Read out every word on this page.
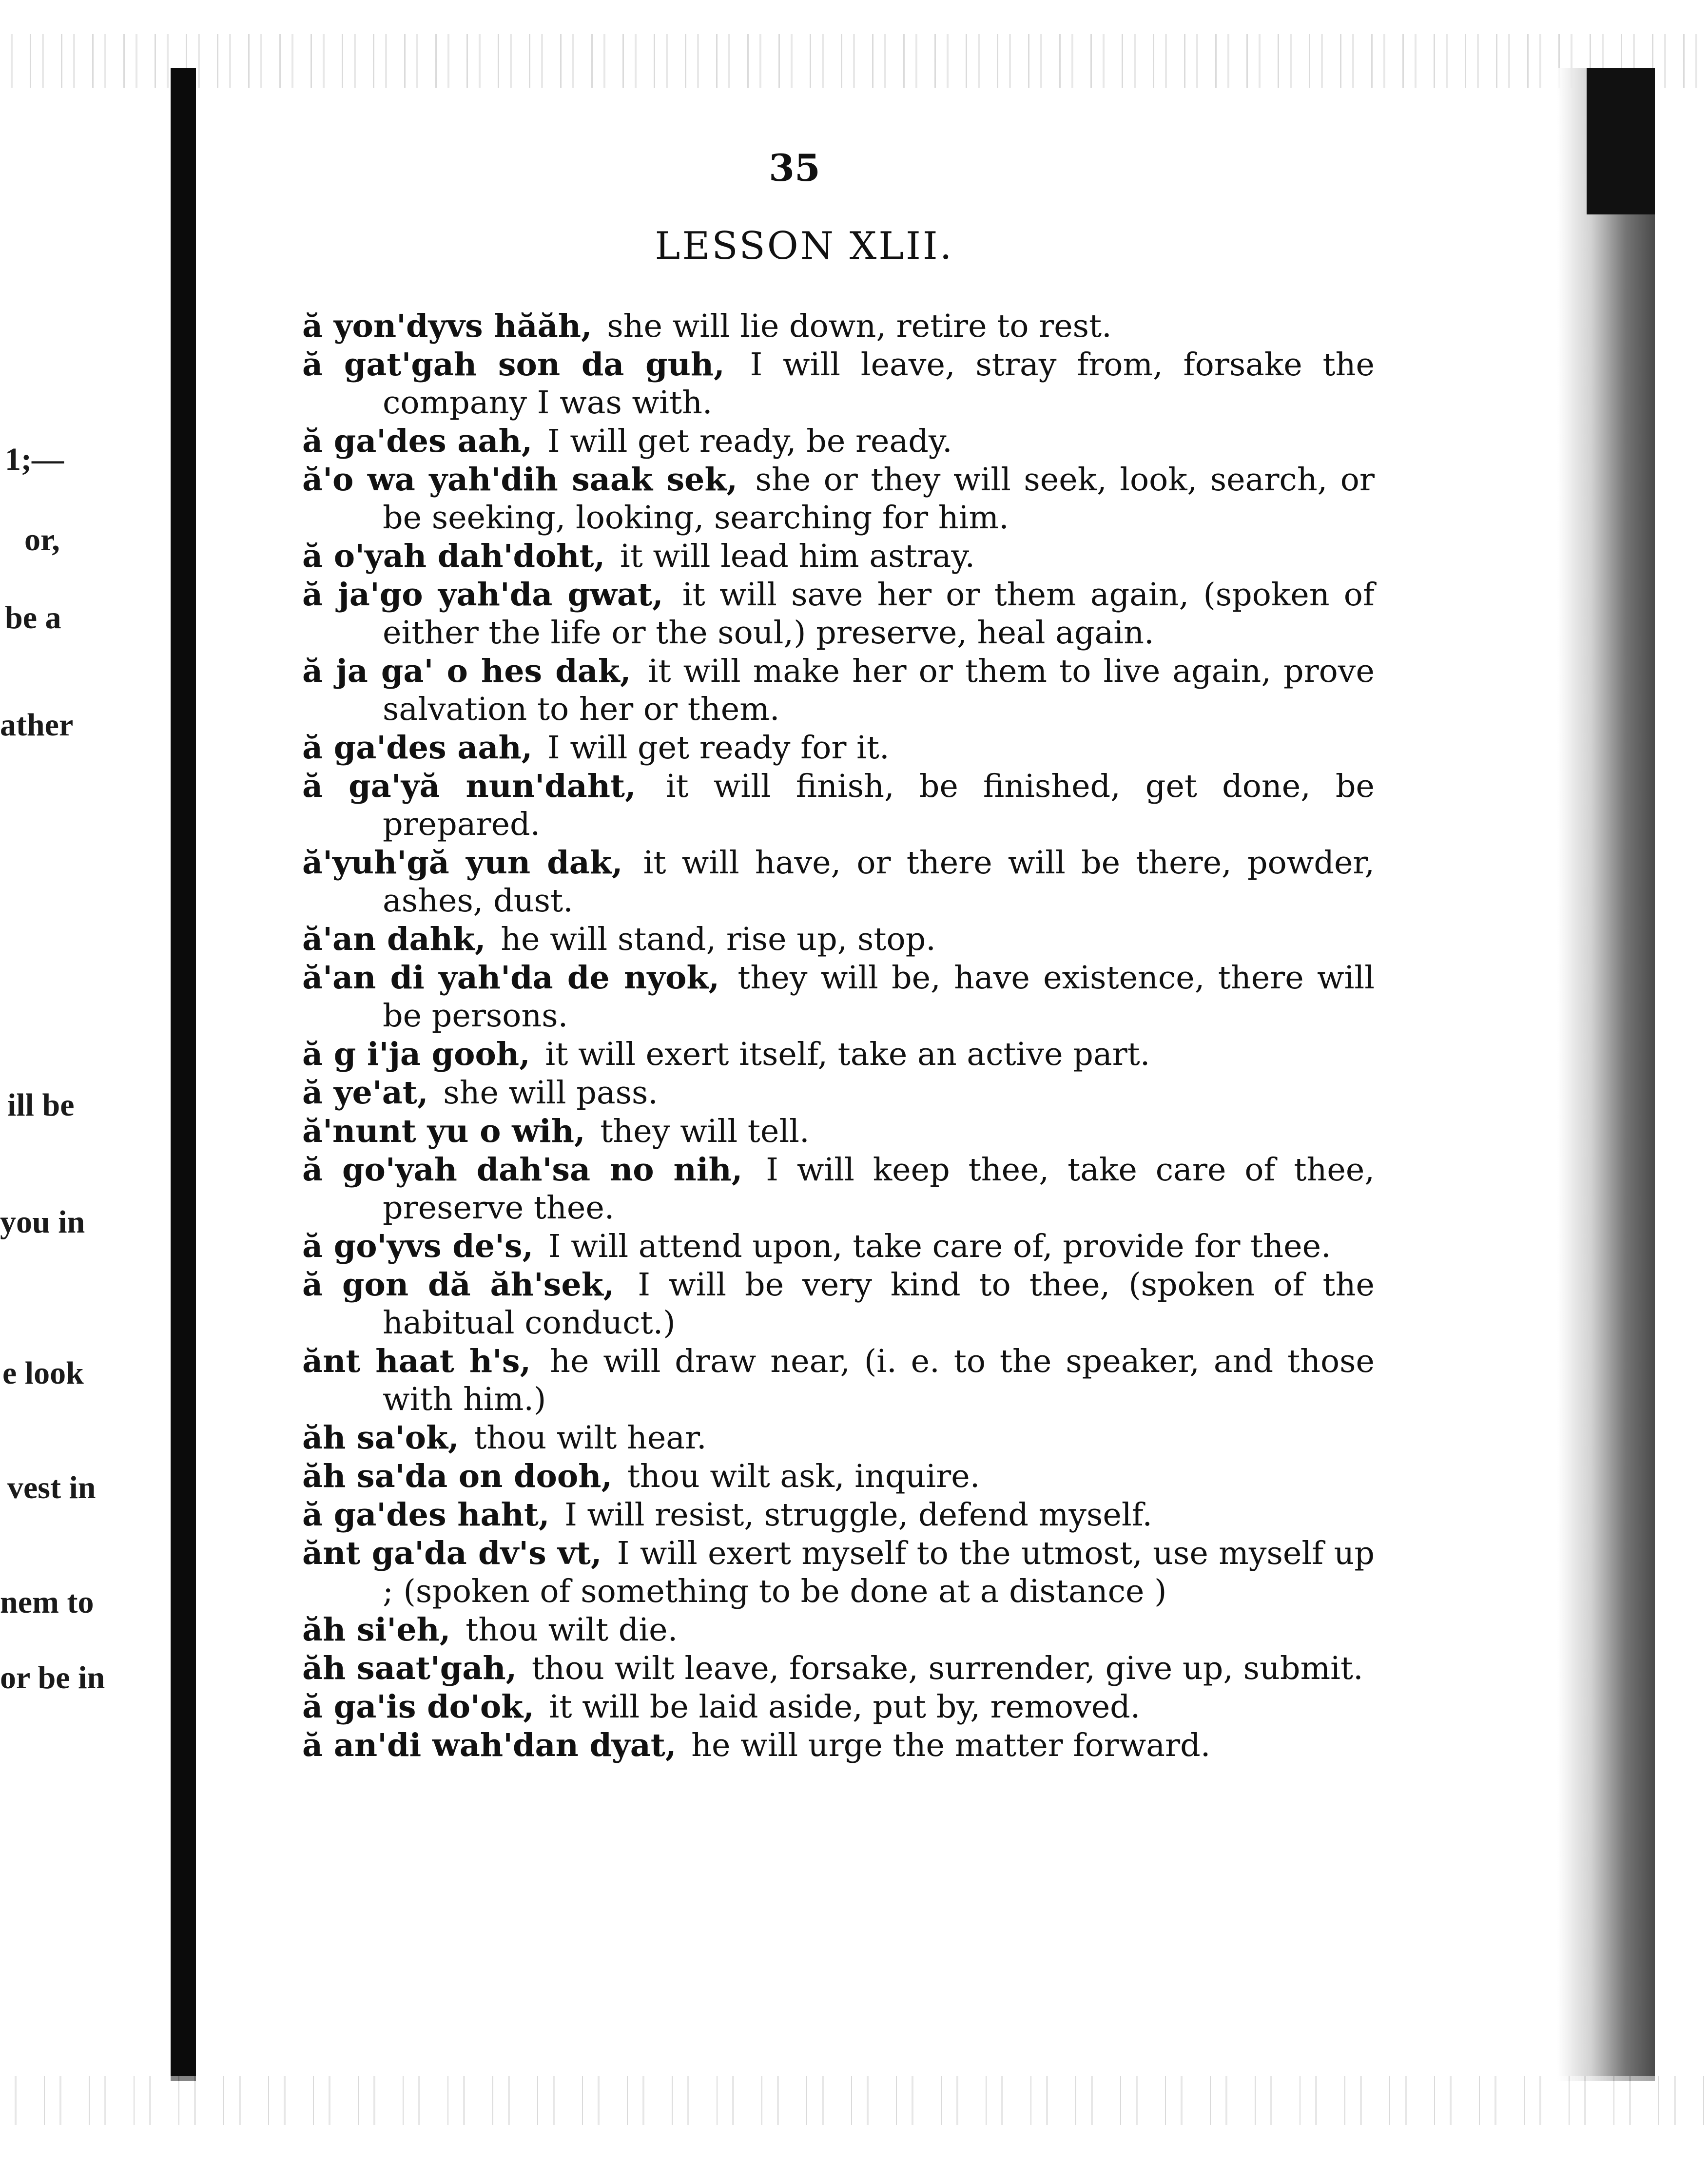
1;—
or,
be a
ather
ill be
you in
e look
vest in
nem to
or be in
35
LESSON XLII.
ă yon'dyvs hăăh, she will lie down, retire to rest.
ă gat'gah son da guh, I will leave, stray from, forsake the company I was with.
ă ga'des aah, I will get ready, be ready.
ă'o wa yah'dih saak sek, she or they will seek, look, search, or be seeking, looking, searching for him.
ă o'yah dah'doht, it will lead him astray.
ă ja'go yah'da gwat, it will save her or them again, (spoken of either the life or the soul,) preserve, heal again.
ă ja ga' o hes dak, it will make her or them to live again, prove salvation to her or them.
ă ga'des aah, I will get ready for it.
ă ga'yă nun'daht, it will finish, be finished, get done, be prepared.
ă'yuh'gă yun dak, it will have, or there will be there, powder, ashes, dust.
ă'an dahk, he will stand, rise up, stop.
ă'an di yah'da de nyok, they will be, have existence, there will be persons.
ă g i'ja gooh, it will exert itself, take an active part.
ă ye'at, she will pass.
ă'nunt yu o wih, they will tell.
ă go'yah dah'sa no nih, I will keep thee, take care of thee, preserve thee.
ă go'yvs de's, I will attend upon, take care of, provide for thee.
ă gon dă ăh'sek, I will be very kind to thee, (spoken of the habitual conduct.)
ănt haat h's, he will draw near, (i. e. to the speaker, and those with him.)
ăh sa'ok, thou wilt hear.
ăh sa'da on dooh, thou wilt ask, inquire.
ă ga'des haht, I will resist, struggle, defend myself.
ănt ga'da dv's vt, I will exert myself to the utmost, use myself up ; (spoken of something to be done at a distance )
ăh si'eh, thou wilt die.
ăh saat'gah, thou wilt leave, forsake, surrender, give up, submit.
ă ga'is do'ok, it will be laid aside, put by, removed.
ă an'di wah'dan dyat, he will urge the matter forward.
